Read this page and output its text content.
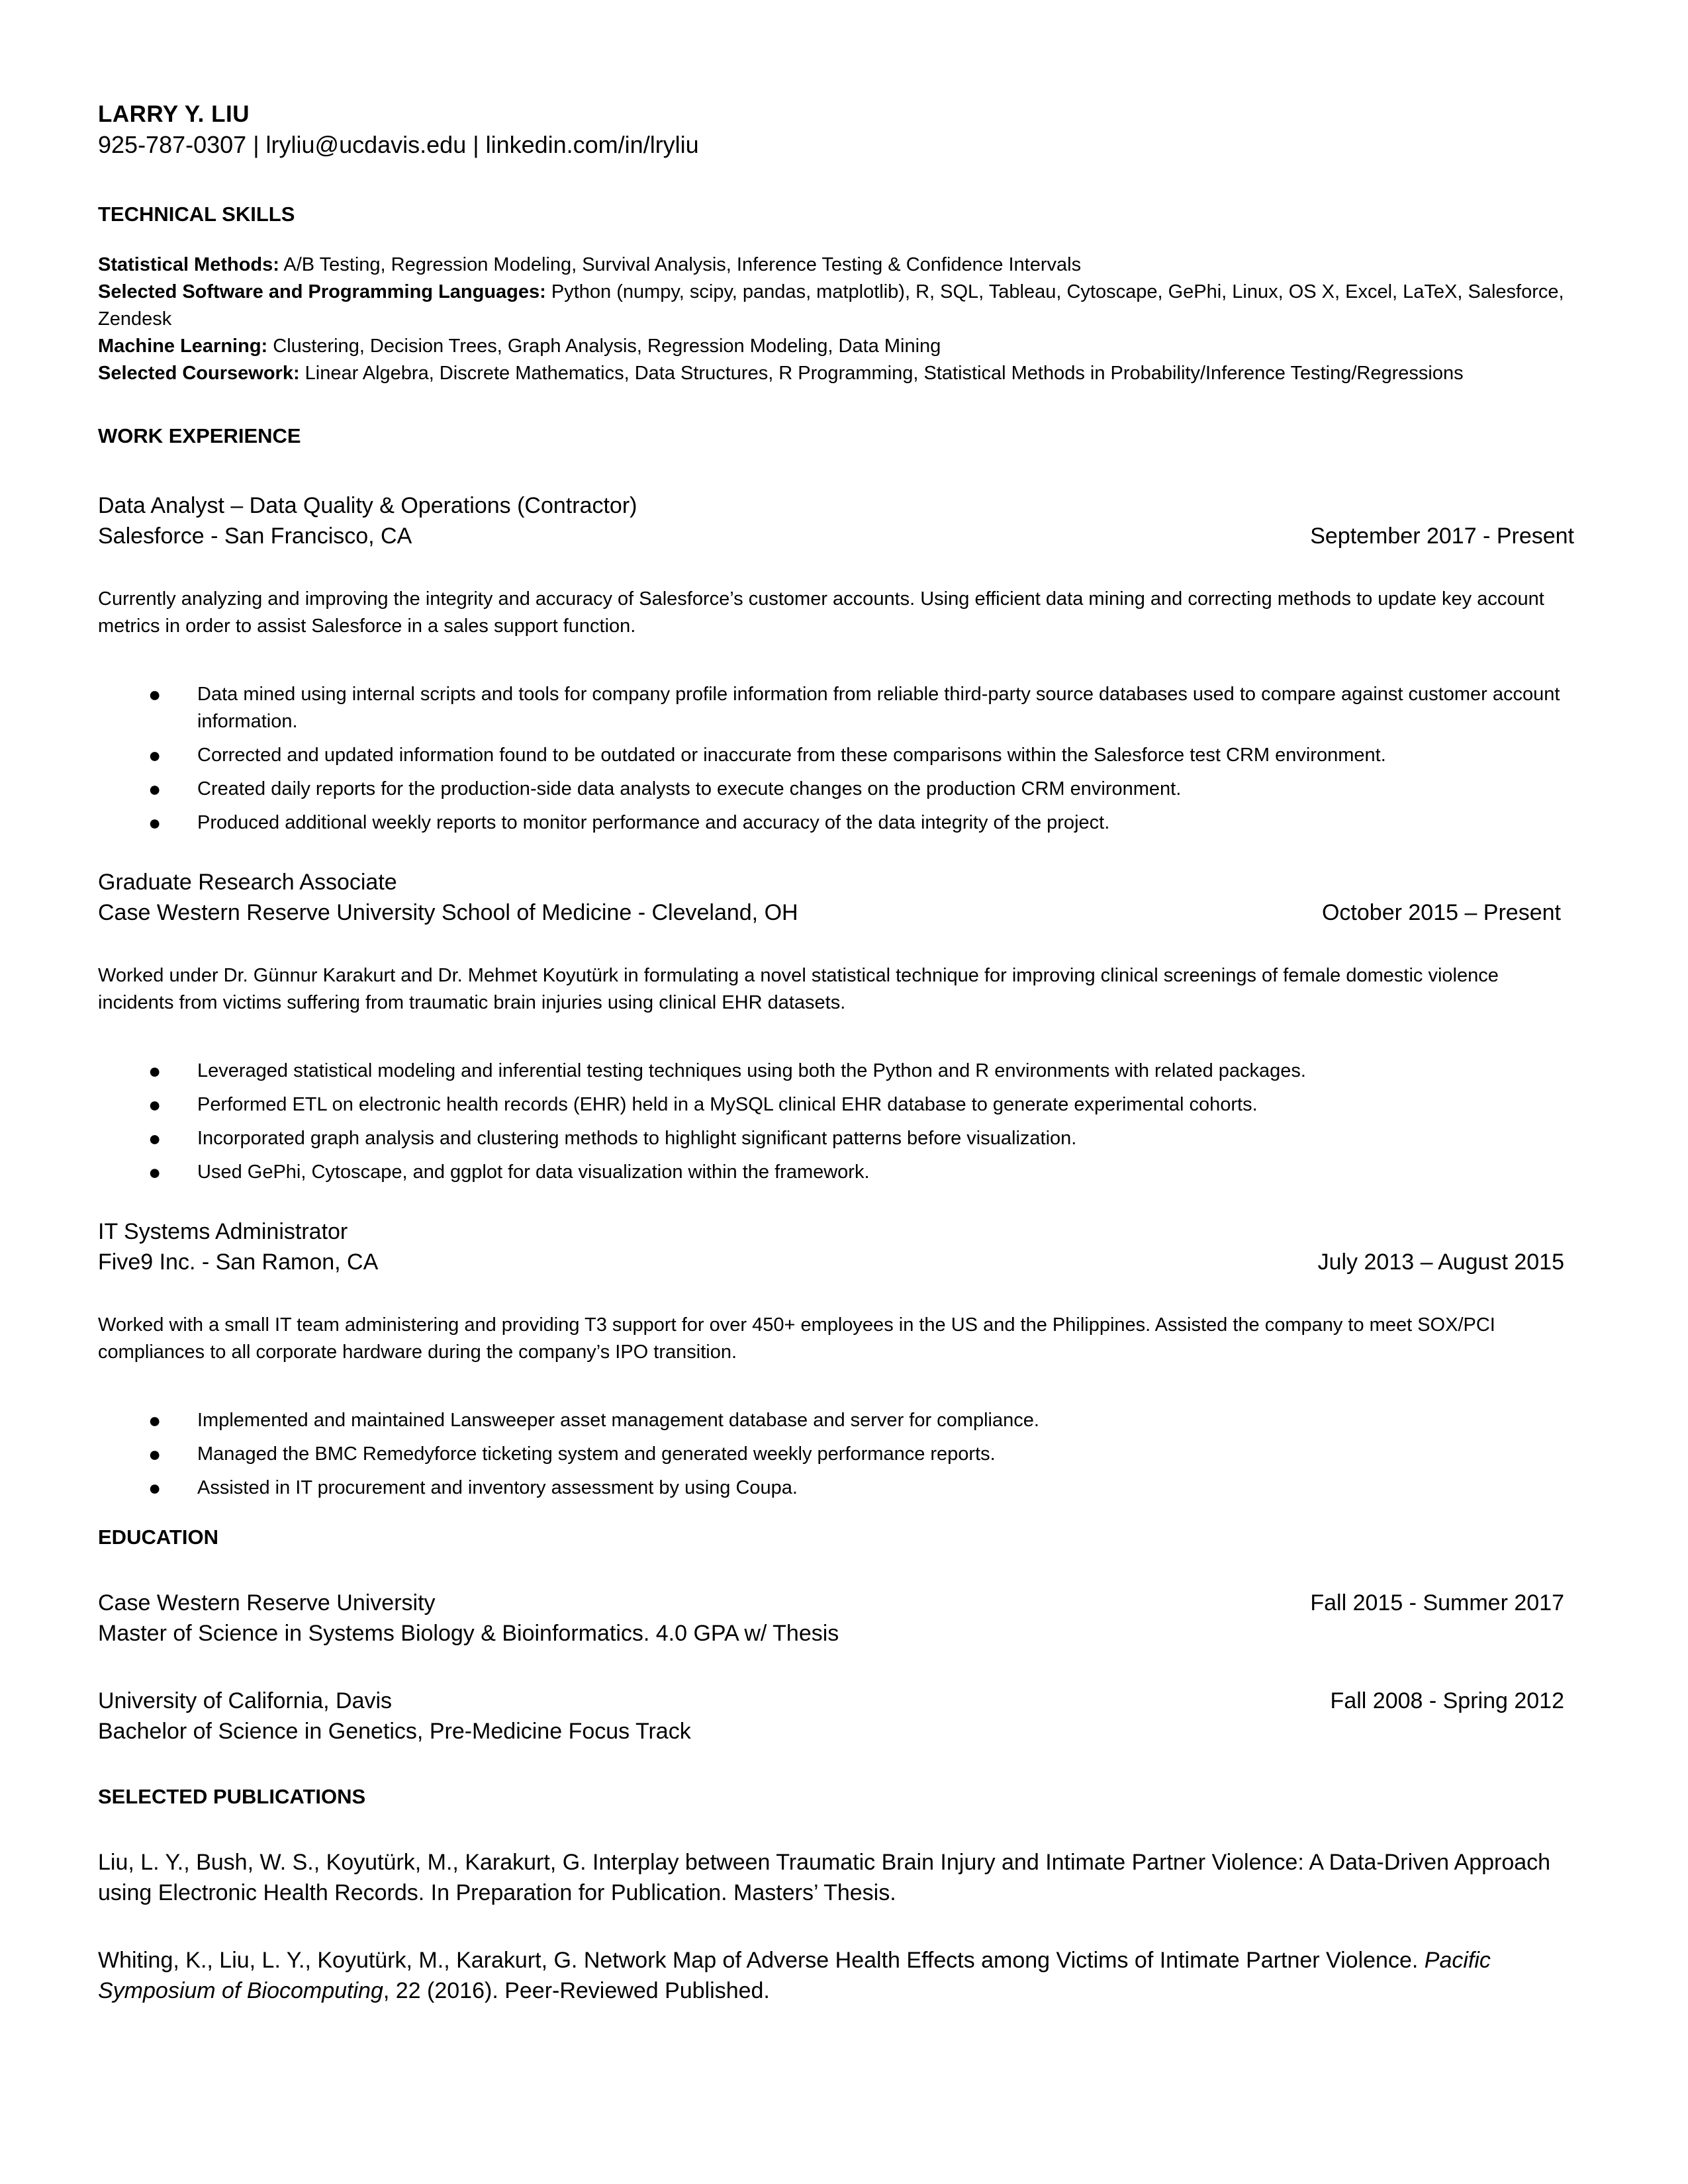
LARRY Y. LIU
925-787-0307 | lryliu@ucdavis.edu | linkedin.com/in/lryliu
TECHNICAL SKILLS

Statistical Methods: A/B Testing, Regression Modeling, Survival Analysis, Inference Testing & Confidence Intervals

Selected Software and Programming Languages: Python (numpy, scipy, pandas, matplotlib), R, SQL, Tableau, Cytoscape, GePhi, Linux, OS X, Excel, LaTeX, Salesforce, Zendesk

Machine Learning: Clustering, Decision Trees, Graph Analysis, Regression Modeling, Data Mining

Selected Coursework: Linear Algebra, Discrete Mathematics, Data Structures, R Programming, Statistical Methods in Probability/Inference Testing/Regressions

WORK EXPERIENCE
Data Analyst – Data Quality & Operations (Contractor)
Salesforce - San Francisco, CA	September 2017 - Present
Currently analyzing and improving the integrity and accuracy of Salesforce’s customer accounts. Using efficient data mining and correcting methods to update key account metrics in order to assist Salesforce in a sales support function.
● Data mined using internal scripts and tools for company profile information from reliable third-party source databases used to compare against customer account information.
● Corrected and updated information found to be outdated or inaccurate from these comparisons within the Salesforce test CRM environment.
● Created daily reports for the production-side data analysts to execute changes on the production CRM environment.
● Produced additional weekly reports to monitor performance and accuracy of the data integrity of the project.
Graduate Research Associate
Case Western Reserve University School of Medicine - Cleveland, OH	October 2015 – Present
Worked under Dr. Günnur Karakurt and Dr. Mehmet Koyutürk in formulating a novel statistical technique for improving clinical screenings of female domestic violence incidents from victims suffering from traumatic brain injuries using clinical EHR datasets.
● Leveraged statistical modeling and inferential testing techniques using both the Python and R environments with related packages.
● Performed ETL on electronic health records (EHR) held in a MySQL clinical EHR database to generate experimental cohorts.
● Incorporated graph analysis and clustering methods to highlight significant patterns before visualization.
● Used GePhi, Cytoscape, and ggplot for data visualization within the framework.
IT Systems Administrator
Five9 Inc. - San Ramon, CA	July 2013 – August 2015
Worked with a small IT team administering and providing T3 support for over 450+ employees in the US and the Philippines. Assisted the company to meet SOX/PCI compliances to all corporate hardware during the company’s IPO transition.
● Implemented and maintained Lansweeper asset management database and server for compliance.
● Managed the BMC Remedyforce ticketing system and generated weekly performance reports.
● Assisted in IT procurement and inventory assessment by using Coupa.
EDUCATION
Case Western Reserve University	Fall 2015 - Summer 2017
Master of Science in Systems Biology & Bioinformatics. 4.0 GPA w/ Thesis
University of California, Davis	Fall 2008 - Spring 2012
Bachelor of Science in Genetics, Pre-Medicine Focus Track
SELECTED PUBLICATIONS

Liu, L. Y., Bush, W. S., Koyutürk, M., Karakurt, G. Interplay between Traumatic Brain Injury and Intimate Partner Violence: A Data-Driven Approach using Electronic Health Records. In Preparation for Publication. Masters’ Thesis.

Whiting, K., Liu, L. Y., Koyutürk, M., Karakurt, G. Network Map of Adverse Health Effects among Victims of Intimate Partner Violence. Pacific Symposium of Biocomputing, 22 (2016). Peer-Reviewed Published.
